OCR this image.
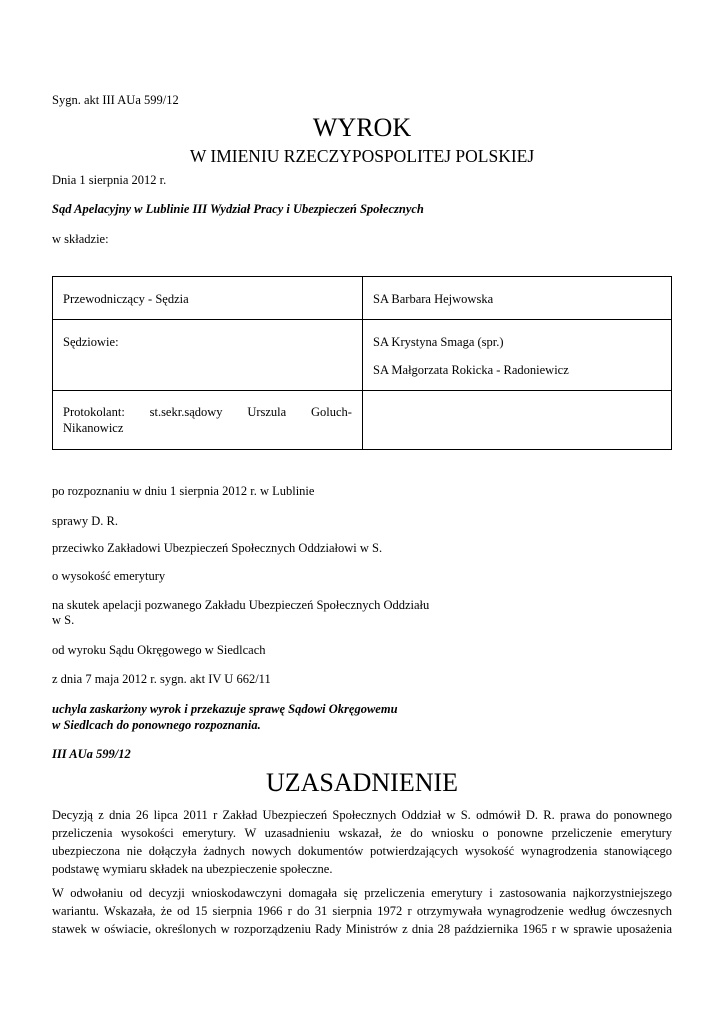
Sygn. akt III AUa 599/12
WYROK
W IMIENIU RZECZYPOSPOLITEJ POLSKIEJ
Dnia 1 sierpnia 2012 r.
Sąd Apelacyjny w Lublinie III Wydział Pracy i Ubezpieczeń Społecznych
w składzie:
Przewodniczący - Sędzia	SA Barbara Hejwowska

Sędziowie:	SA Krystyna Smaga (spr.)
SA Małgorzata Rokicka - Radoniewicz

Protokolant: st.sekr.sądowy Urszula Goluch-
Nikanowicz	

po rozpoznaniu w dniu 1 sierpnia 2012 r. w Lublinie
sprawy D. R.
przeciwko Zakładowi Ubezpieczeń Społecznych Oddziałowi w S.
o wysokość emerytury
na skutek apelacji pozwanego Zakładu Ubezpieczeń Społecznych Oddziału
w S.
od wyroku Sądu Okręgowego w Siedlcach
z dnia 7 maja 2012 r. sygn. akt IV U 662/11
uchyla zaskarżony wyrok i przekazuje sprawę Sądowi Okręgowemu
w Siedlcach do ponownego rozpoznania.
III AUa 599/12
UZASADNIENIE
Decyzją z dnia 26 lipca 2011 r Zakład Ubezpieczeń Społecznych Oddział w S. odmówił D. R. prawa do ponownego
przeliczenia wysokości emerytury. W uzasadnieniu wskazał, że do wniosku o ponowne przeliczenie emerytury
ubezpieczona nie dołączyła żadnych nowych dokumentów potwierdzających wysokość wynagrodzenia stanowiącego
podstawę wymiaru składek na ubezpieczenie społeczne.
W odwołaniu od decyzji wnioskodawczyni domagała się przeliczenia emerytury i zastosowania najkorzystniejszego
wariantu. Wskazała, że od 15 sierpnia 1966 r do 31 sierpnia 1972 r otrzymywała wynagrodzenie według ówczesnych
stawek w oświacie, określonych w rozporządzeniu Rady Ministrów z dnia 28 października 1965 r w sprawie uposażenia
